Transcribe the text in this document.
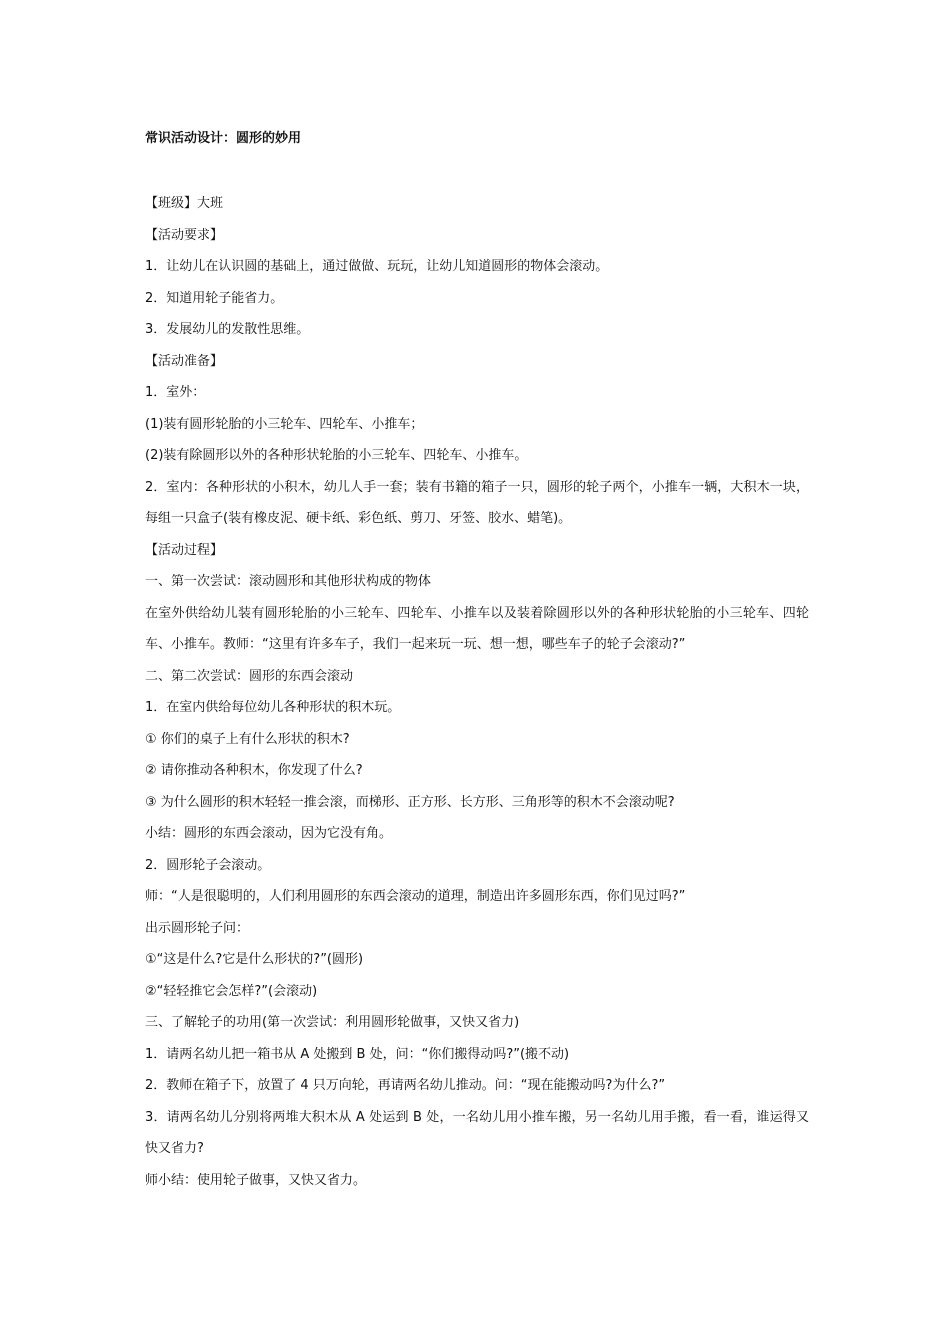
常识活动设计：圆形的妙用
【班级】大班
【活动要求】
1．让幼儿在认识圆的基础上，通过做做、玩玩，让幼儿知道圆形的物体会滚动。
2．知道用轮子能省力。
3．发展幼儿的发散性思维。
【活动准备】
1．室外：
(1)装有圆形轮胎的小三轮车、四轮车、小推车；
(2)装有除圆形以外的各种形状轮胎的小三轮车、四轮车、小推车。
2．室内：各种形状的小积木，幼儿人手一套；装有书籍的箱子一只，圆形的轮子两个，小推车一辆，大积木一块，每组一只盒子(装有橡皮泥、硬卡纸、彩色纸、剪刀、牙签、胶水、蜡笔)。
【活动过程】
一、第一次尝试：滚动圆形和其他形状构成的物体
在室外供给幼儿装有圆形轮胎的小三轮车、四轮车、小推车以及装着除圆形以外的各种形状轮胎的小三轮车、四轮车、小推车。教师：“这里有许多车子，我们一起来玩一玩、想一想，哪些车子的轮子会滚动?”
二、第二次尝试：圆形的东西会滚动
1．在室内供给每位幼儿各种形状的积木玩。
① 你们的桌子上有什么形状的积木?
② 请你推动各种积木，你发现了什么?
③ 为什么圆形的积木轻轻一推会滚，而梯形、正方形、长方形、三角形等的积木不会滚动呢?
小结：圆形的东西会滚动，因为它没有角。
2．圆形轮子会滚动。
师：“人是很聪明的，人们利用圆形的东西会滚动的道理，制造出许多圆形东西，你们见过吗?”
出示圆形轮子问：
①“这是什么?它是什么形状的?”(圆形)
②“轻轻推它会怎样?”(会滚动)
三、了解轮子的功用(第一次尝试：利用圆形轮做事，又快又省力)
1．请两名幼儿把一箱书从 A 处搬到 B 处，问：“你们搬得动吗?”(搬不动)
2．教师在箱子下，放置了 4 只万向轮，再请两名幼儿推动。问：“现在能搬动吗?为什么?”
3．请两名幼儿分别将两堆大积木从 A 处运到 B 处，一名幼儿用小推车搬，另一名幼儿用手搬，看一看，谁运得又快又省力?
师小结：使用轮子做事，又快又省力。
